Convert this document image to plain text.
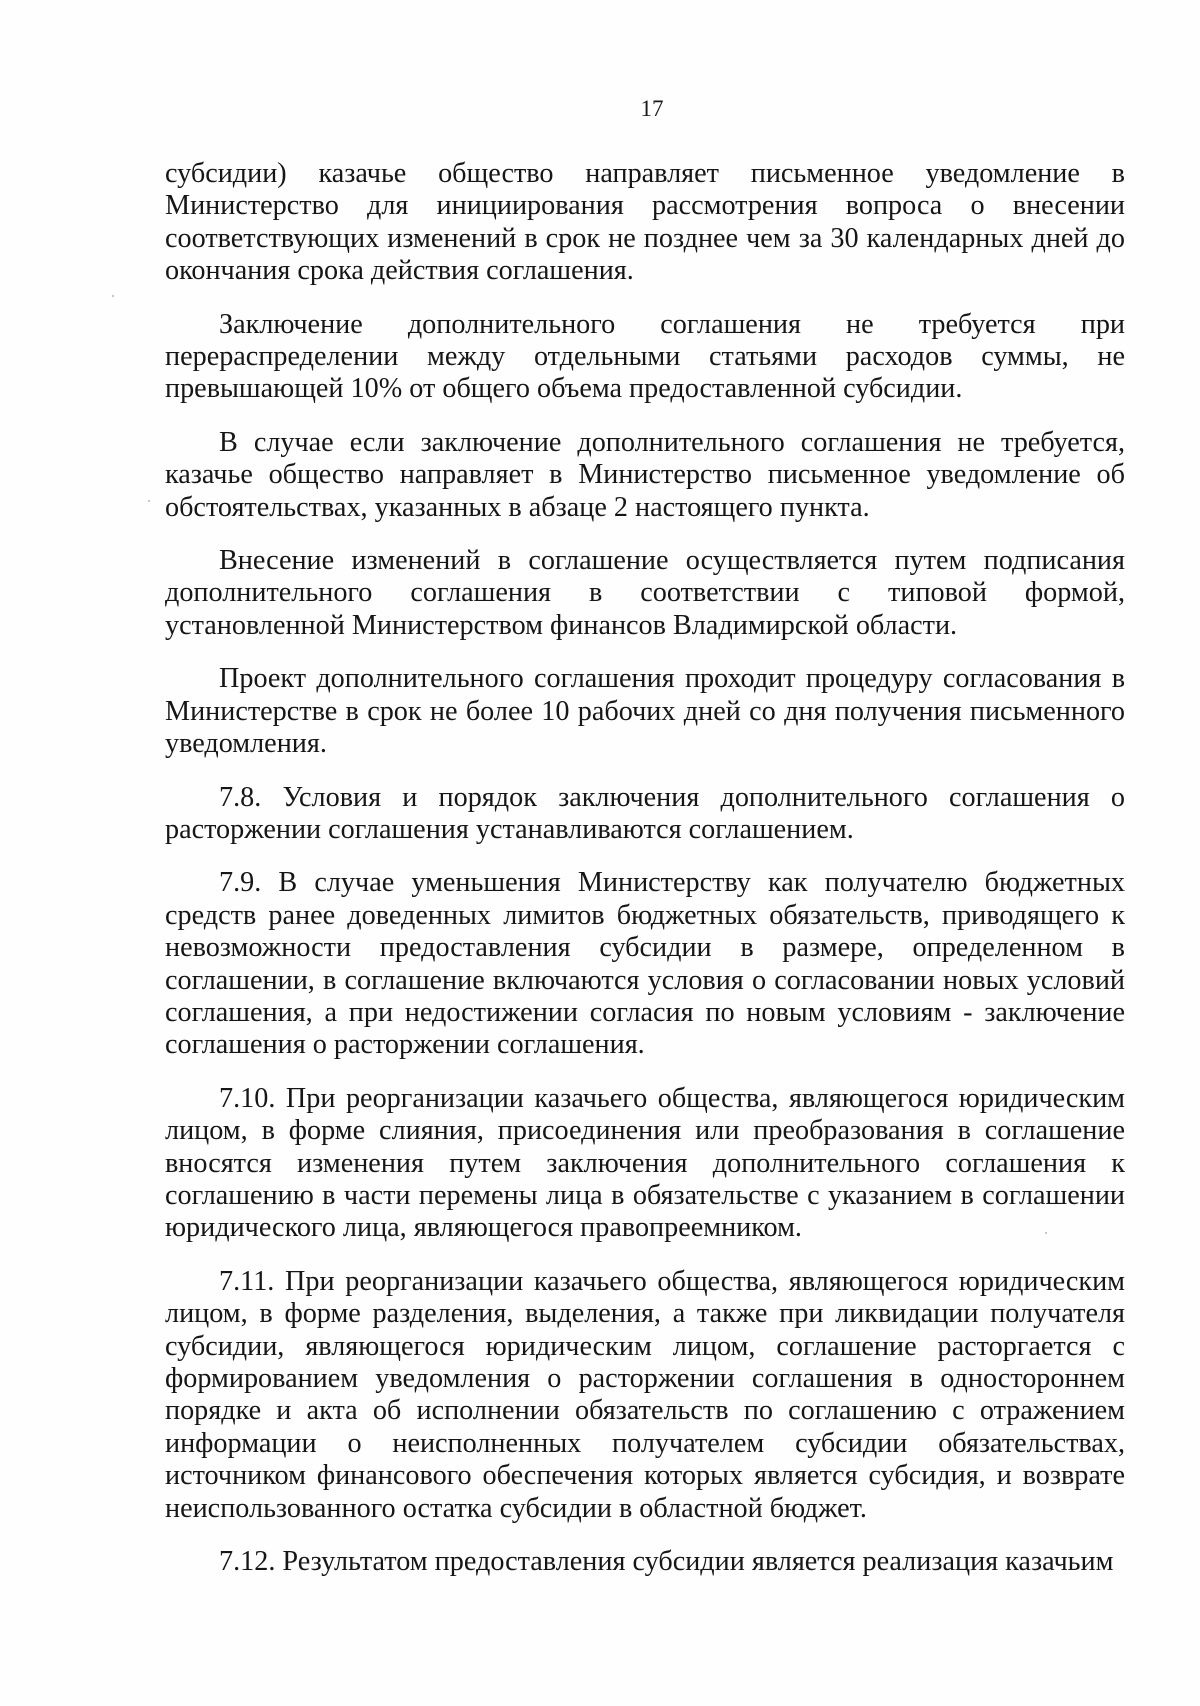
17

субсидии) казачье общество направляет письменное уведомление в Министерство для инициирования рассмотрения вопроса о внесении соответствующих изменений в срок не позднее чем за 30 календарных дней до окончания срока действия соглашения.

Заключение дополнительного соглашения не требуется при перераспределении между отдельными статьями расходов суммы, не превышающей 10% от общего объема предоставленной субсидии.

В случае если заключение дополнительного соглашения не требуется, казачье общество направляет в Министерство письменное уведомление об обстоятельствах, указанных в абзаце 2 настоящего пункта.

Внесение изменений в соглашение осуществляется путем подписания дополнительного соглашения в соответствии с типовой формой, установленной Министерством финансов Владимирской области.

Проект дополнительного соглашения проходит процедуру согласования в Министерстве в срок не более 10 рабочих дней со дня получения письменного уведомления.

7.8. Условия и порядок заключения дополнительного соглашения о расторжении соглашения устанавливаются соглашением.

7.9. В случае уменьшения Министерству как получателю бюджетных средств ранее доведенных лимитов бюджетных обязательств, приводящего к невозможности предоставления субсидии в размере, определенном в соглашении, в соглашение включаются условия о согласовании новых условий соглашения, а при недостижении согласия по новым условиям - заключение соглашения о расторжении соглашения.

7.10. При реорганизации казачьего общества, являющегося юридическим лицом, в форме слияния, присоединения или преобразования в соглашение вносятся изменения путем заключения дополнительного соглашения к соглашению в части перемены лица в обязательстве с указанием в соглашении юридического лица, являющегося правопреемником.

7.11. При реорганизации казачьего общества, являющегося юридическим лицом, в форме разделения, выделения, а также при ликвидации получателя субсидии, являющегося юридическим лицом, соглашение расторгается с формированием уведомления о расторжении соглашения в одностороннем порядке и акта об исполнении обязательств по соглашению с отражением информации о неисполненных получателем субсидии обязательствах, источником финансового обеспечения которых является субсидия, и возврате неиспользованного остатка субсидии в областной бюджет.

7.12. Результатом предоставления субсидии является реализация казачьим
